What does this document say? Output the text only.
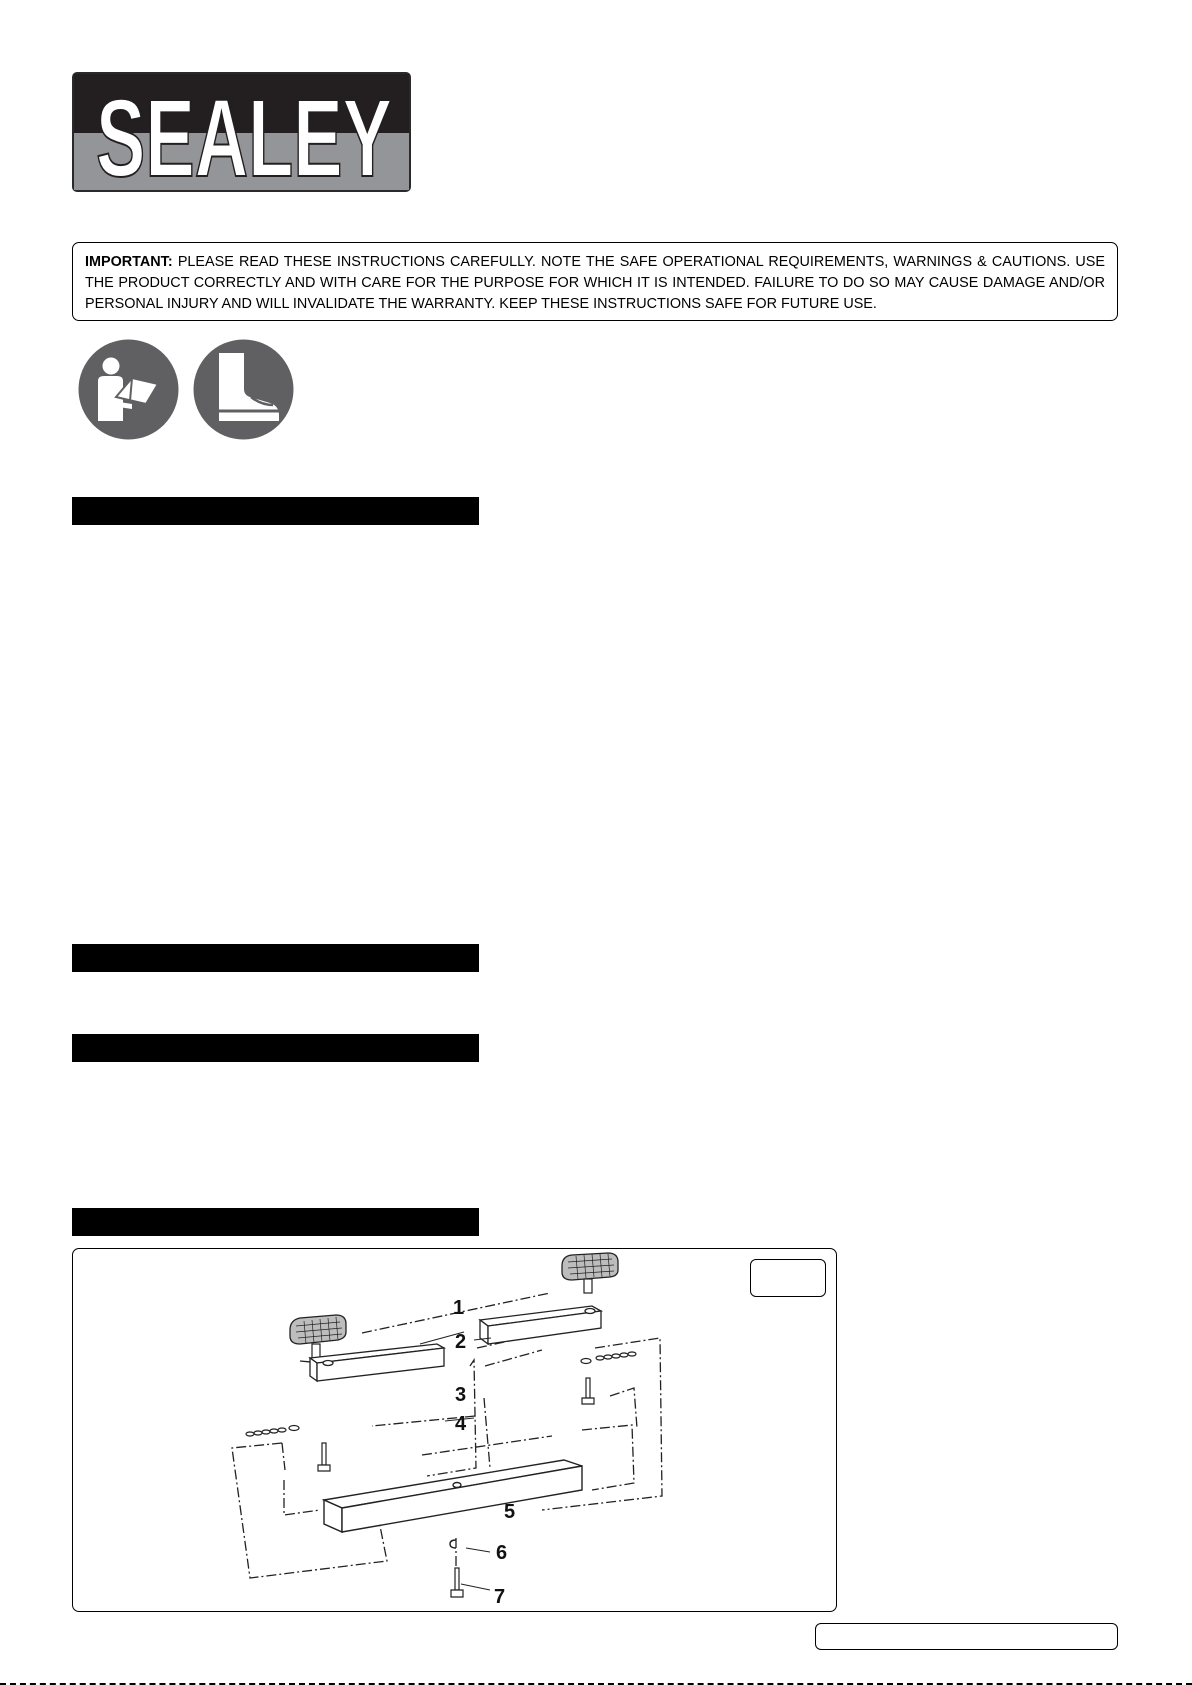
SEALEY
IMPORTANT: PLEASE READ THESE INSTRUCTIONS CAREFULLY. NOTE THE SAFE OPERATIONAL REQUIREMENTS, WARNINGS & CAUTIONS. USE THE PRODUCT CORRECTLY AND WITH CARE FOR THE PURPOSE FOR WHICH IT IS INTENDED. FAILURE TO DO SO MAY CAUSE DAMAGE AND/OR PERSONAL INJURY AND WILL INVALIDATE THE WARRANTY. KEEP THESE INSTRUCTIONS SAFE FOR FUTURE USE.
1
2
3
4
5
6
7
